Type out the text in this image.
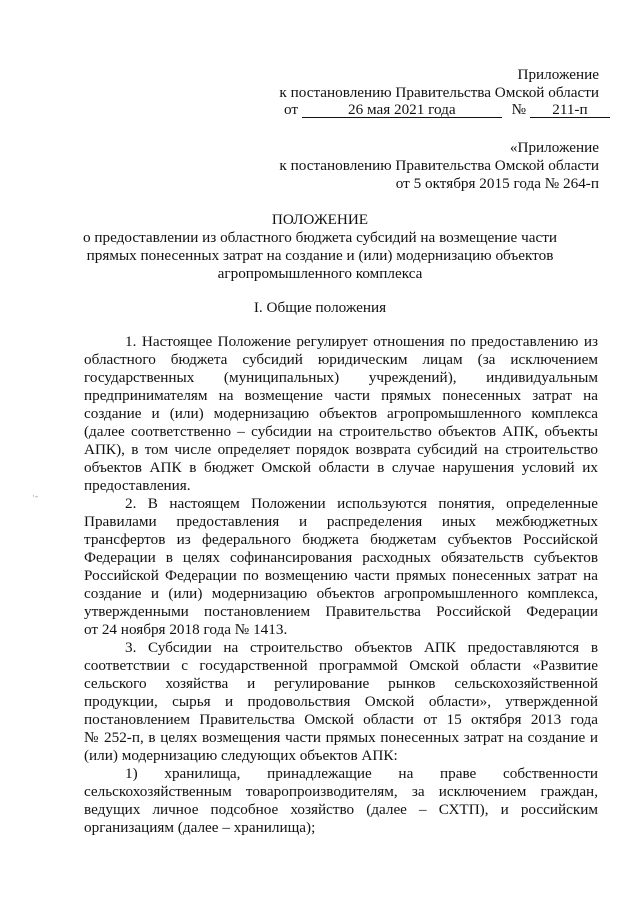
Приложение
к постановлению Правительства Омской области
от	26 мая 2021 года	№ 211-п
«Приложение
к постановлению Правительства Омской области
от 5 октября 2015 года № 264-п
ПОЛОЖЕНИЕ
о предоставлении из областного бюджета субсидий на возмещение части
прямых понесенных затрат на создание и (или) модернизацию объектов
агропромышленного комплекса
I. Общие положения
1. Настоящее Положение регулирует отношения по предоставлению из
областного бюджета субсидий юридическим лицам (за исключением
государственных (муниципальных) учреждений), индивидуальным
предпринимателям на возмещение части прямых понесенных затрат на
создание и (или) модернизацию объектов агропромышленного комплекса
(далее соответственно – субсидии на строительство объектов АПК, объекты
АПК), в том числе определяет порядок возврата субсидий на строительство
объектов АПК в бюджет Омской области в случае нарушения условий их
предоставления.
·-	2. В настоящем Положении используются понятия, определенные
Правилами предоставления и распределения иных межбюджетных
трансфертов из федерального бюджета бюджетам субъектов Российской
Федерации в целях софинансирования расходных обязательств субъектов
Российской Федерации по возмещению части прямых понесенных затрат на
создание и (или) модернизацию объектов агропромышленного комплекса,
утвержденными постановлением Правительства Российской Федерации
от 24 ноября 2018 года № 1413.
3. Субсидии на строительство объектов АПК предоставляются в
соответствии с государственной программой Омской области «Развитие
сельского хозяйства и регулирование рынков сельскохозяйственной
продукции, сырья и продовольствия Омской области», утвержденной
постановлением Правительства Омской области от 15 октября 2013 года
№ 252-п, в целях возмещения части прямых понесенных затрат на создание и
(или) модернизацию следующих объектов АПК:
1) хранилища, принадлежащие на праве собственности
сельскохозяйственным товаропроизводителям, за исключением граждан,
ведущих личное подсобное хозяйство (далее – СХТП), и российским
организациям (далее – хранилища);
